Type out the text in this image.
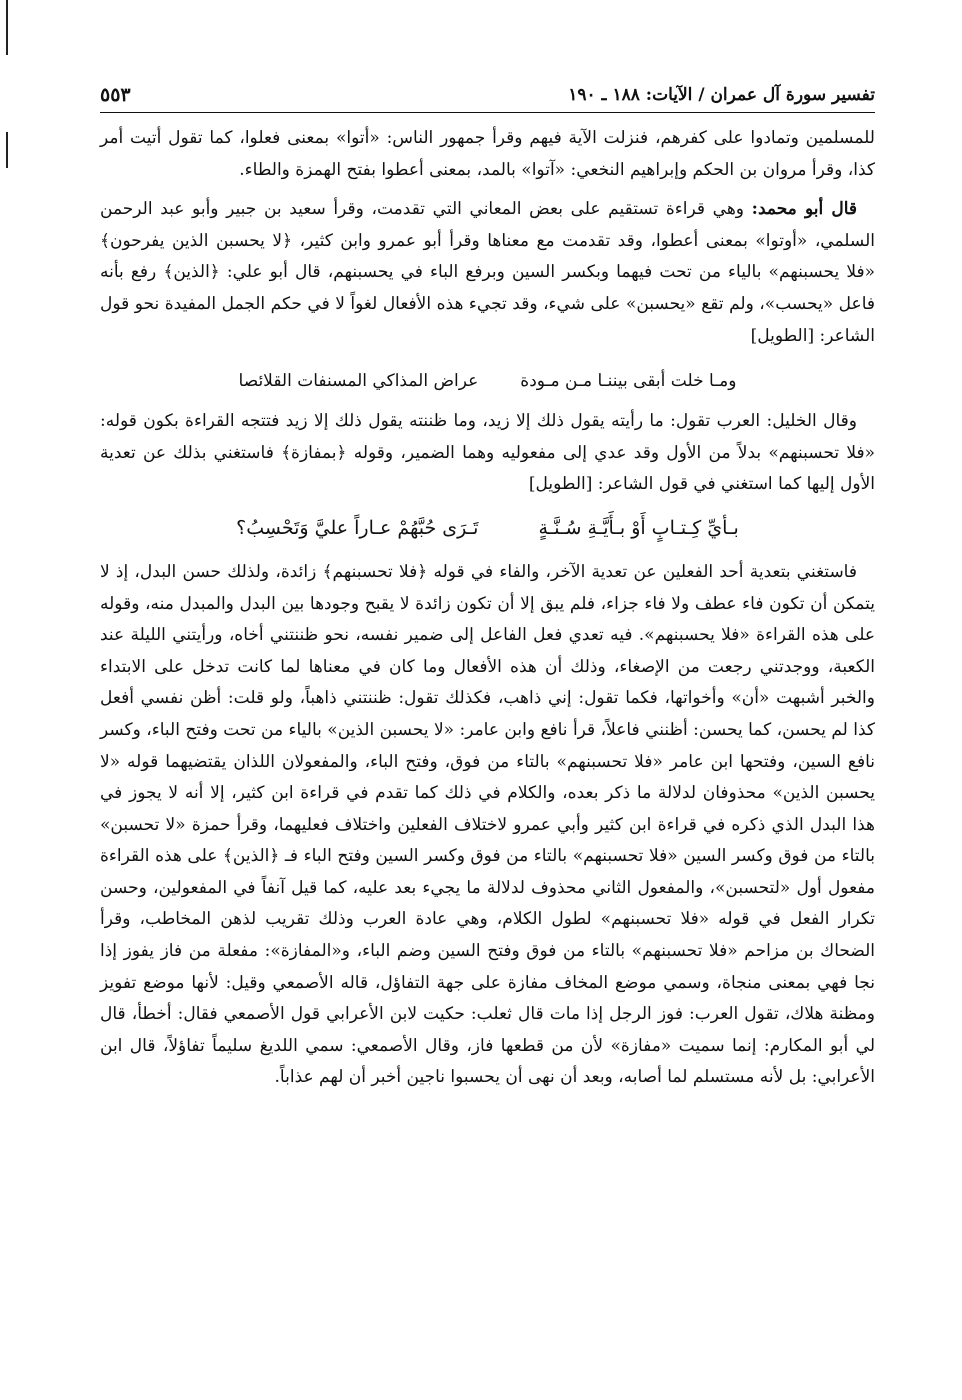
تفسير سورة آل عمران / الآيات: ١٨٨ ـ ١٩٠
٥٥٣

للمسلمين وتمادوا على كفرهم، فنزلت الآية فيهم وقرأ جمهور الناس: «أتوا» بمعنى فعلوا، كما تقول أتيت أمر كذا، وقرأ مروان بن الحكم وإبراهيم النخعي: «آتوا» بالمد، بمعنى أعطوا بفتح الهمزة والطاء.

قال أبو محمد: وهي قراءة تستقيم على بعض المعاني التي تقدمت، وقرأ سعيد بن جبير وأبو عبد الرحمن السلمي، «أوتوا» بمعنى أعطوا، وقد تقدمت مع معناها وقرأ أبو عمرو وابن كثير، ﴿لا يحسبن الذين يفرحون﴾ «فلا يحسبنهم» بالياء من تحت فيهما وبكسر السين وبرفع الباء في يحسبنهم، قال أبو علي: ﴿الذين﴾ رفع بأنه فاعل «يحسب»، ولم تقع «يحسبن» على شيء، وقد تجيء هذه الأفعال لغواً لا في حكم الجمل المفيدة نحو قول الشاعر: [الطويل]

ومـا خلت أبقى بيننـا مـن مـودة
عراض المذاكي المسنفات القلائصا

وقال الخليل: العرب تقول: ما رأيته يقول ذلك إلا زيد، وما ظننته يقول ذلك إلا زيد فتتجه القراءة بكون قوله: «فلا تحسبنهم» بدلاً من الأول وقد عدي إلى مفعوليه وهما الضمير، وقوله ﴿بمفازة﴾ فاستغني بذلك عن تعدية الأول إليها كما استغني في قول الشاعر: [الطويل]

بـأيِّ كِـتـابٍ أَوْ بـأَيَّـةِ سُـنَّـةٍ
تَـرَى حُبَّهُمْ عـاراً عليَّ وَتَحْسِبُ؟

فاستغني بتعدية أحد الفعلين عن تعدية الآخر، والفاء في قوله ﴿فلا تحسبنهم﴾ زائدة، ولذلك حسن البدل، إذ لا يتمكن أن تكون فاء عطف ولا فاء جزاء، فلم يبق إلا أن تكون زائدة لا يقبح وجودها بين البدل والمبدل منه، وقوله على هذه القراءة «فلا يحسبنهم». فيه تعدي فعل الفاعل إلى ضمير نفسه، نحو ظننتني أخاه، ورأيتني الليلة عند الكعبة، ووجدتني رجعت من الإصغاء، وذلك أن هذه الأفعال وما كان في معناها لما كانت تدخل على الابتداء والخبر أشبهت «أن» وأخواتها، فكما تقول: إني ذاهب، فكذلك تقول: ظننتني ذاهباً، ولو قلت: أظن نفسي أفعل كذا لم يحسن، كما يحسن: أظنني فاعلاً، قرأ نافع وابن عامر: «لا يحسبن الذين» بالياء من تحت وفتح الباء، وكسر نافع السين، وفتحها ابن عامر «فلا تحسبنهم» بالتاء من فوق، وفتح الباء، والمفعولان اللذان يقتضيهما قوله «لا يحسبن الذين» محذوفان لدلالة ما ذكر بعده، والكلام في ذلك كما تقدم في قراءة ابن كثير، إلا أنه لا يجوز في هذا البدل الذي ذكره في قراءة ابن كثير وأبي عمرو لاختلاف الفعلين واختلاف فعليهما، وقرأ حمزة «لا تحسبن» بالتاء من فوق وكسر السين «فلا تحسبنهم» بالتاء من فوق وكسر السين وفتح الباء فـ ﴿الذين﴾ على هذه القراءة مفعول أول «لتحسبن»، والمفعول الثاني محذوف لدلالة ما يجيء بعد عليه، كما قيل آنفاً في المفعولين، وحسن تكرار الفعل في قوله «فلا تحسبنهم» لطول الكلام، وهي عادة العرب وذلك تقريب لذهن المخاطب، وقرأ الضحاك بن مزاحم «فلا تحسبنهم» بالتاء من فوق وفتح السين وضم الباء، و«المفازة»: مفعلة من فاز يفوز إذا نجا فهي بمعنى منجاة، وسمي موضع المخاف مفازة على جهة التفاؤل، قاله الأصمعي وقيل: لأنها موضع تفويز ومظنة هلاك، تقول العرب: فوز الرجل إذا مات قال ثعلب: حكيت لابن الأعرابي قول الأصمعي فقال: أخطأ، قال لي أبو المكارم: إنما سميت «مفازة» لأن من قطعها فاز، وقال الأصمعي: سمي اللديغ سليماً تفاؤلاً، قال ابن الأعرابي: بل لأنه مستسلم لما أصابه، وبعد أن نهى أن يحسبوا ناجين أخبر أن لهم عذاباً.
